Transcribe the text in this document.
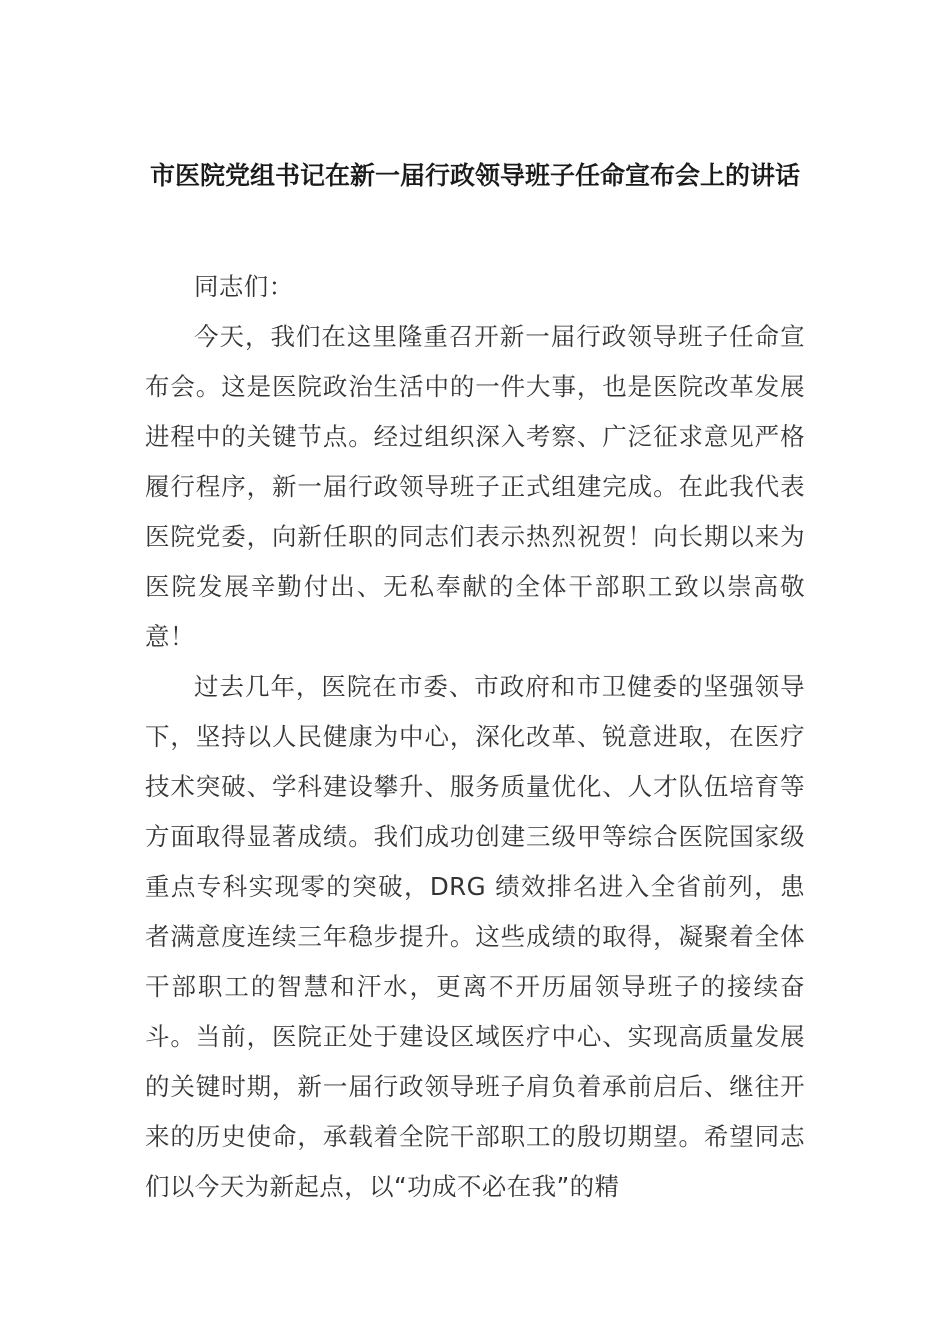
市医院党组书记在新一届行政领导班子任命宣布会上的讲话

同志们：

今天，我们在这里隆重召开新一届行政领导班子任命宣布会。这是医院政治生活中的一件大事，也是医院改革发展进程中的关键节点。经过组织深入考察、广泛征求意见严格履行程序，新一届行政领导班子正式组建完成。在此我代表医院党委，向新任职的同志们表示热烈祝贺！向长期以来为医院发展辛勤付出、无私奉献的全体干部职工致以崇高敬意！

过去几年，医院在市委、市政府和市卫健委的坚强领导下，坚持以人民健康为中心，深化改革、锐意进取，在医疗技术突破、学科建设攀升、服务质量优化、人才队伍培育等方面取得显著成绩。我们成功创建三级甲等综合医院国家级重点专科实现零的突破，DRG 绩效排名进入全省前列，患者满意度连续三年稳步提升。这些成绩的取得，凝聚着全体干部职工的智慧和汗水，更离不开历届领导班子的接续奋斗。当前，医院正处于建设区域医疗中心、实现高质量发展的关键时期，新一届行政领导班子肩负着承前启后、继往开来的历史使命，承载着全院干部职工的殷切期望。希望同志们以今天为新起点，以“功成不必在我”的精
